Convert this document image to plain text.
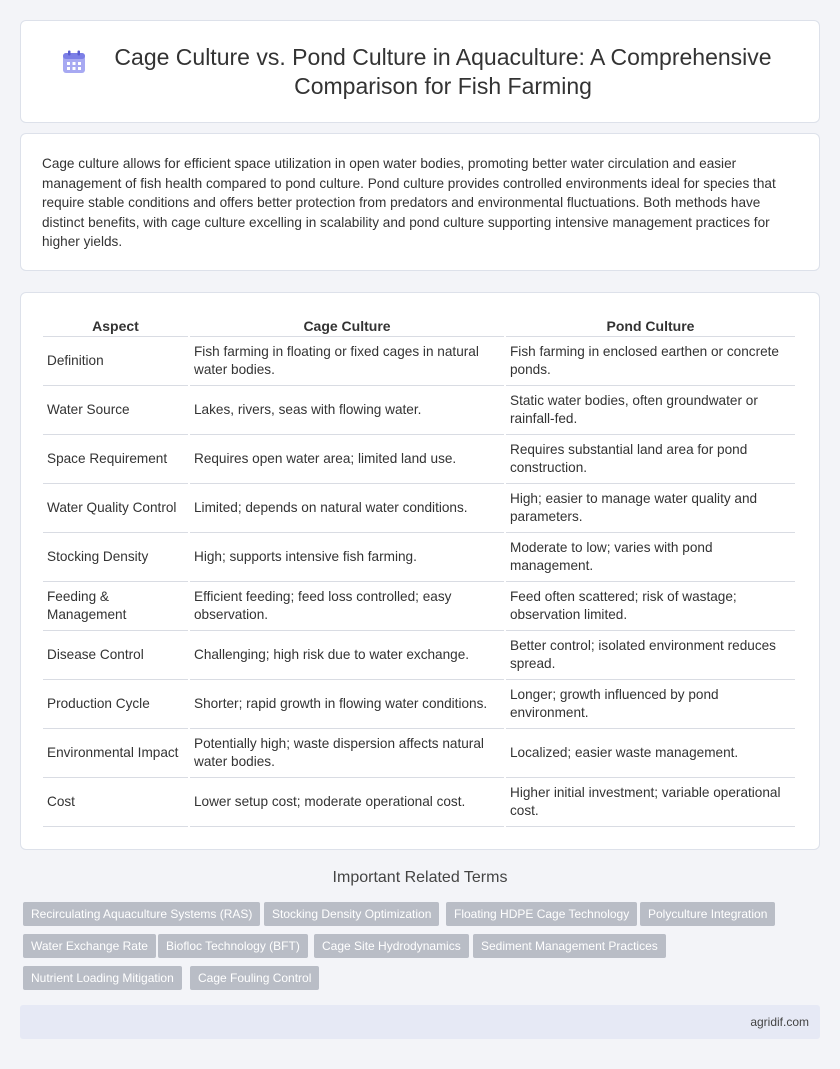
Cage Culture vs. Pond Culture in Aquaculture: A Comprehensive Comparison for Fish Farming

Cage culture allows for efficient space utilization in open water bodies, promoting better water circulation and easier management of fish health compared to pond culture. Pond culture provides controlled environments ideal for species that require stable conditions and offers better protection from predators and environmental fluctuations. Both methods have distinct benefits, with cage culture excelling in scalability and pond culture supporting intensive management practices for higher yields.

Aspect	Cage Culture	Pond Culture
Definition	Fish farming in floating or fixed cages in natural water bodies.	Fish farming in enclosed earthen or concrete ponds.
Water Source	Lakes, rivers, seas with flowing water.	Static water bodies, often groundwater or rainfall-fed.
Space Requirement	Requires open water area; limited land use.	Requires substantial land area for pond construction.
Water Quality Control	Limited; depends on natural water conditions.	High; easier to manage water quality and parameters.
Stocking Density	High; supports intensive fish farming.	Moderate to low; varies with pond management.
Feeding & Management	Efficient feeding; feed loss controlled; easy observation.	Feed often scattered; risk of wastage; observation limited.
Disease Control	Challenging; high risk due to water exchange.	Better control; isolated environment reduces spread.
Production Cycle	Shorter; rapid growth in flowing water conditions.	Longer; growth influenced by pond environment.
Environmental Impact	Potentially high; waste dispersion affects natural water bodies.	Localized; easier waste management.
Cost	Lower setup cost; moderate operational cost.	Higher initial investment; variable operational cost.
Important Related Terms
Recirculating Aquaculture Systems (RAS)	Stocking Density Optimization	Floating HDPE Cage Technology	Polyculture Integration
Water Exchange Rate	Biofloc Technology (BFT)	Cage Site Hydrodynamics	Sediment Management Practices
Nutrient Loading Mitigation	Cage Fouling Control
agridif.com
